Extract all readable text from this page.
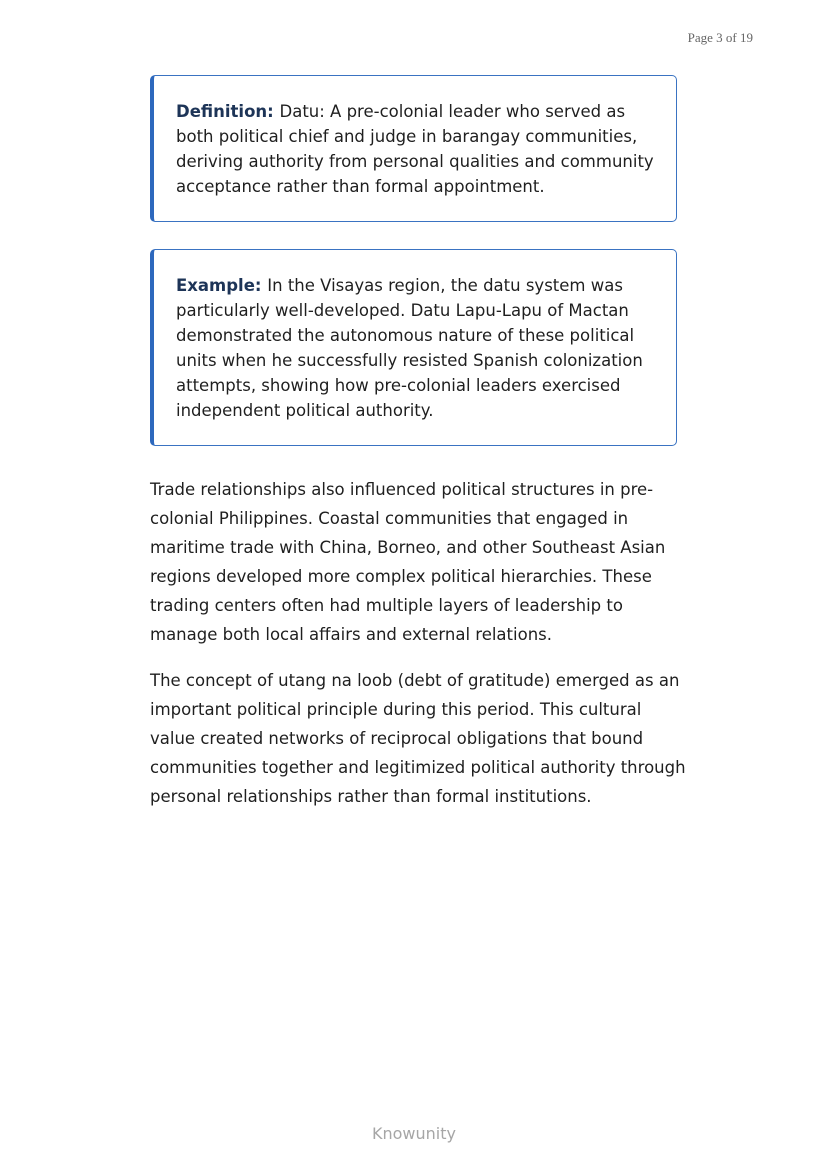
Page 3 of 19
Definition: Datu: A pre-colonial leader who served as both political chief and judge in barangay communities, deriving authority from personal qualities and community acceptance rather than formal appointment.
Example: In the Visayas region, the datu system was particularly well-developed. Datu Lapu-Lapu of Mactan demonstrated the autonomous nature of these political units when he successfully resisted Spanish colonization attempts, showing how pre-colonial leaders exercised independent political authority.

Trade relationships also influenced political structures in pre-colonial Philippines. Coastal communities that engaged in maritime trade with China, Borneo, and other Southeast Asian regions developed more complex political hierarchies. These trading centers often had multiple layers of leadership to manage both local affairs and external relations.

The concept of utang na loob (debt of gratitude) emerged as an important political principle during this period. This cultural value created networks of reciprocal obligations that bound communities together and legitimized political authority through personal relationships rather than formal institutions.

Knowunity
